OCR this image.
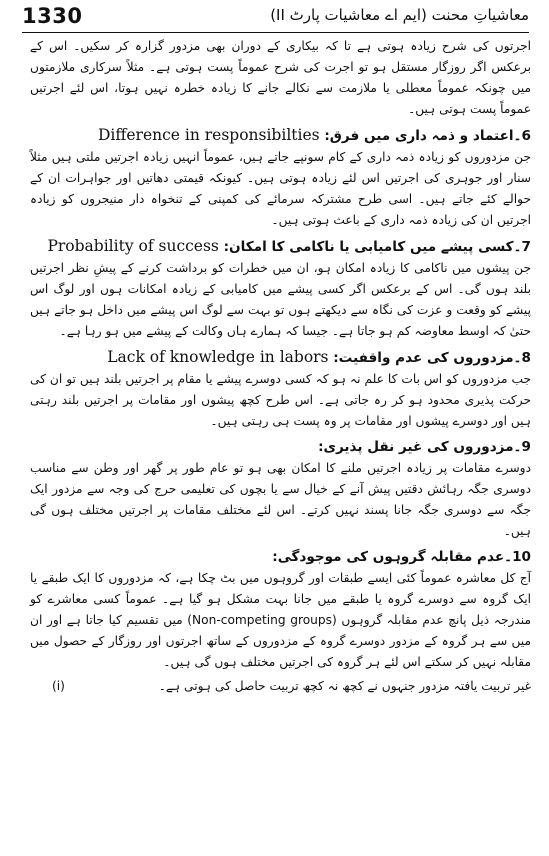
1330	معاشیاتِ محنت (ایم اے معاشیات پارٹ II)

اجرتوں کی شرح زیادہ ہوتی ہے تا کہ بیکاری کے دوران بھی مزدور گزارہ کر سکیں۔ اس کے برعکس اگر روزگار مستقل ہو تو اجرت کی شرح عموماً پست ہوتی ہے۔ مثلاً سرکاری ملازمتوں میں چونکہ عموماً معطلی یا ملازمت سے نکالے جانے کا زیادہ خطرہ نہیں ہوتا، اس لئے اجرتیں عموماً پست ہوتی ہیں۔

6۔اعتماد و ذمہ داری میں فرق: Difference in responsibilties

جن مزدوروں کو زیادہ ذمہ داری کے کام سونپے جاتے ہیں، عموماً انہیں زیادہ اجرتیں ملتی ہیں مثلاً سنار اور جوہری کی اجرتیں اس لئے زیادہ ہوتی ہیں۔ کیونکہ قیمتی دھاتیں اور جواہرات ان کے حوالے کئے جاتے ہیں۔ اسی طرح مشترکہ سرمائے کی کمپنی کے تنخواہ دار منیجروں کو زیادہ اجرتیں ان کی زیادہ ذمہ داری کے باعث ہوتی ہیں۔

7۔کسی پیشے میں کامیابی یا ناکامی کا امکان: Probability of success

جن پیشوں میں ناکامی کا زیادہ امکان ہو، ان میں خطرات کو برداشت کرنے کے پیشِ نظر اجرتیں بلند ہوں گی۔ اس کے برعکس اگر کسی پیشے میں کامیابی کے زیادہ امکانات ہوں اور لوگ اس پیشے کو وقعت و عزت کی نگاہ سے دیکھتے ہوں تو بہت سے لوگ اس پیشے میں داخل ہو جاتے ہیں حتیٰ کہ اوسط معاوضہ کم ہو جاتا ہے۔ جیسا کہ ہمارے ہاں وکالت کے پیشے میں ہو رہا ہے۔

8۔مزدوروں کی عدم واقفیت: Lack of knowledge in labors

جب مزدوروں کو اس بات کا علم نہ ہو کہ کسی دوسرے پیشے یا مقام پر اجرتیں بلند ہیں تو ان کی حرکت پذیری محدود ہو کر رہ جاتی ہے۔ اس طرح کچھ پیشوں اور مقامات پر اجرتیں بلند رہتی ہیں اور دوسرے پیشوں اور مقامات پر وہ پست ہی رہتی ہیں۔

9۔مزدوروں کی غیر نقل پذیری:

دوسرے مقامات پر زیادہ اجرتیں ملنے کا امکان بھی ہو تو عام طور پر گھر اور وطن سے مناسب دوسری جگہ رہائش دقتیں پیش آنے کے خیال سے یا بچوں کی تعلیمی حرج کی وجہ سے مزدور ایک جگہ سے دوسری جگہ جانا پسند نہیں کرتے۔ اس لئے مختلف مقامات پر اجرتیں مختلف ہوں گی ہیں۔

10۔عدم مقابلہ گروہوں کی موجودگی:

آج کل معاشرہ عموماً کئی ایسے طبقات اور گروہوں میں بٹ چکا ہے، کہ مزدوروں کا ایک طبقے یا ایک گروہ سے دوسرے گروہ یا طبقے میں جانا بہت مشکل ہو گیا ہے۔ عموماً کسی معاشرے کو مندرجہ ذیل پانچ عدم مقابلہ گروہوں (Non-competing groups) میں تقسیم کیا جاتا ہے اور ان میں سے ہر گروہ کے مزدور دوسرے گروہ کے مزدوروں کے ساتھ اجرتوں اور روزگار کے حصول میں مقابلہ نہیں کر سکتے اس لئے ہر گروہ کی اجرتیں مختلف ہوں گی ہیں۔

غیر تربیت یافتہ مزدور جنہوں نے کچھ نہ کچھ تربیت حاصل کی ہوتی ہے۔
(i)
